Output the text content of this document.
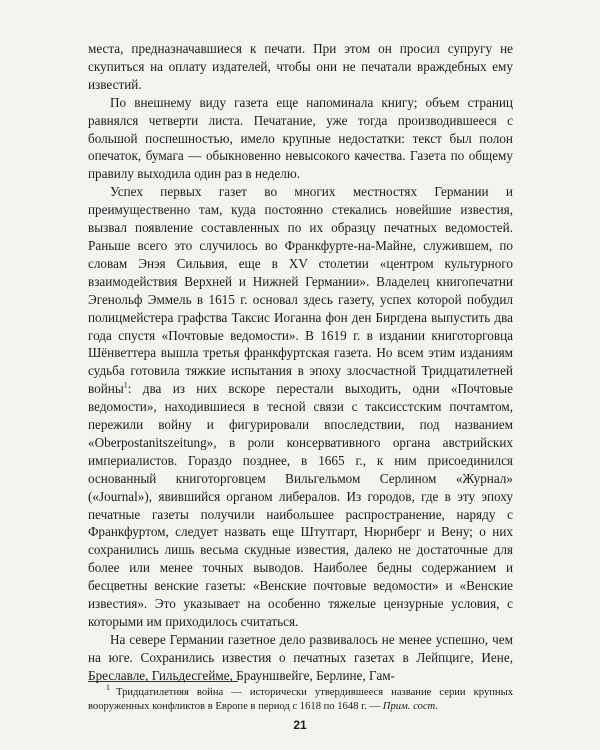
места, предназначавшиеся к печати. При этом он просил супругу не скупиться на оплату издателей, чтобы они не печатали враждебных ему известий.

По внешнему виду газета еще напоминала книгу; объем страниц равнялся четверти листа. Печатание, уже тогда производившееся с большой поспешностью, имело крупные недостатки: текст был полон опечаток, бумага — обыкновенно невысокого качества. Газета по общему правилу выходила один раз в неделю.

Успех первых газет во многих местностях Германии и преимущественно там, куда постоянно стекались новейшие известия, вызвал появление составленных по их образцу печатных ведомостей. Раньше всего это случилось во Франкфурте-на-Майне, служившем, по словам Энэя Сильвия, еще в XV столетии «центром культурного взаимодействия Верхней и Нижней Германии». Владелец книгопечатни Эгенольф Эммель в 1615 г. основал здесь газету, успех которой побудил полицмейстера графства Таксис Иоганна фон ден Биргдена выпустить два года спустя «Почтовые ведомости». В 1619 г. в издании книготорговца Шёнветтера вышла третья франкфуртская газета. Но всем этим изданиям судьба готовила тяжкие испытания в эпоху злосчастной Тридцатилетней войны$^1$: два из них вскоре перестали выходить, одни «Почтовые ведомости», находившиеся в тесной связи с таксисстским почтамтом, пережили войну и фигурировали впоследствии, под названием «Oberpostanitszeitung», в роли консервативного органа австрийских империалистов. Гораздо позднее, в 1665 г., к ним присоединился основанный книготорговцем Вильгельмом Серлином «Журнал» («Journal»), явившийся органом либералов. Из городов, где в эту эпоху печатные газеты получили наибольшее распространение, наряду с Франкфуртом, следует назвать еще Штутгарт, Нюрнберг и Вену; о них сохранились лишь весьма скудные известия, далеко не достаточные для более или менее точных выводов. Наиболее бедны содержанием и бесцветны венские газеты: «Венские почтовые ведомости» и «Венские известия». Это указывает на особенно тяжелые цензурные условия, с которыми им приходилось считаться.

На севере Германии газетное дело развивалось не менее успешно, чем на юге. Сохранились известия о печатных газетах в Лейпциге, Иене, Бреславле, Гильдесгейме, Брауншвейге, Берлине, Гам-

$^1$ Тридцатилетняя война — исторически утвердившееся название серии крупных вооруженных конфликтов в Европе в период с 1618 по 1648 г. — Прим. сост.
21
